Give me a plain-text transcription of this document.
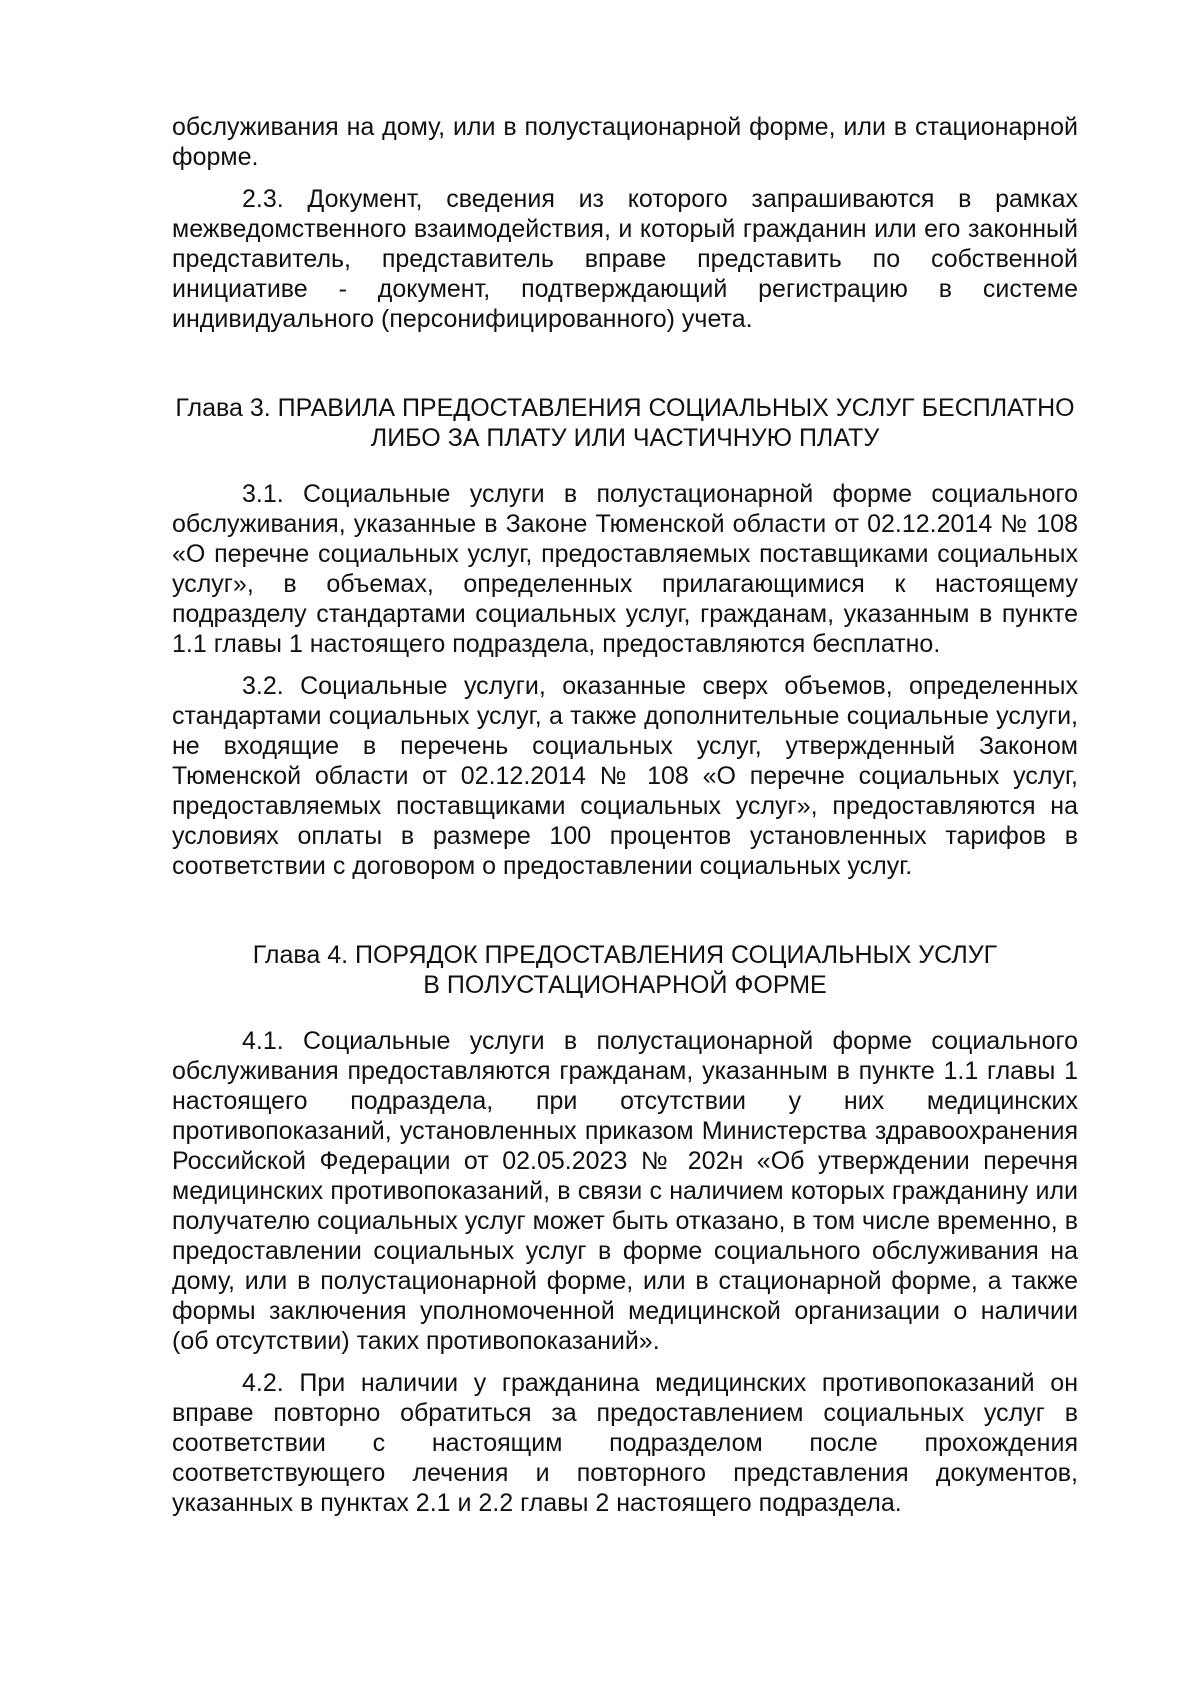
обслуживания на дому, или в полустационарной форме, или в стационарной форме.

2.3. Документ, сведения из которого запрашиваются в рамках межведомственного взаимодействия, и который гражданин или его законный представитель, представитель вправе представить по собственной инициативе - документ, подтверждающий регистрацию в системе индивидуального (персонифицированного) учета.

Глава 3. ПРАВИЛА ПРЕДОСТАВЛЕНИЯ СОЦИАЛЬНЫХ УСЛУГ БЕСПЛАТНО
ЛИБО ЗА ПЛАТУ ИЛИ ЧАСТИЧНУЮ ПЛАТУ

3.1. Социальные услуги в полустационарной форме социального обслуживания, указанные в Законе Тюменской области от 02.12.2014 № 108 «О перечне социальных услуг, предоставляемых поставщиками социальных услуг», в объемах, определенных прилагающимися к настоящему подразделу стандартами социальных услуг, гражданам, указанным в пункте 1.1 главы 1 настоящего подраздела, предоставляются бесплатно.

3.2. Социальные услуги, оказанные сверх объемов, определенных стандартами социальных услуг, а также дополнительные социальные услуги, не входящие в перечень социальных услуг, утвержденный Законом Тюменской области от 02.12.2014 № 108 «О перечне социальных услуг, предоставляемых поставщиками социальных услуг», предоставляются на условиях оплаты в размере 100 процентов установленных тарифов в соответствии с договором о предоставлении социальных услуг.

Глава 4. ПОРЯДОК ПРЕДОСТАВЛЕНИЯ СОЦИАЛЬНЫХ УСЛУГ
В ПОЛУСТАЦИОНАРНОЙ ФОРМЕ

4.1. Социальные услуги в полустационарной форме социального обслуживания предоставляются гражданам, указанным в пункте 1.1 главы 1 настоящего подраздела, при отсутствии у них медицинских противопоказаний, установленных приказом Министерства здравоохранения Российской Федерации от 02.05.2023 № 202н «Об утверждении перечня медицинских противопоказаний, в связи с наличием которых гражданину или получателю социальных услуг может быть отказано, в том числе временно, в предоставлении социальных услуг в форме социального обслуживания на дому, или в полустационарной форме, или в стационарной форме, а также формы заключения уполномоченной медицинской организации о наличии (об отсутствии) таких противопоказаний».

4.2. При наличии у гражданина медицинских противопоказаний он вправе повторно обратиться за предоставлением социальных услуг в соответствии с настоящим подразделом после прохождения соответствующего лечения и повторного представления документов, указанных в пунктах 2.1 и 2.2 главы 2 настоящего подраздела.
